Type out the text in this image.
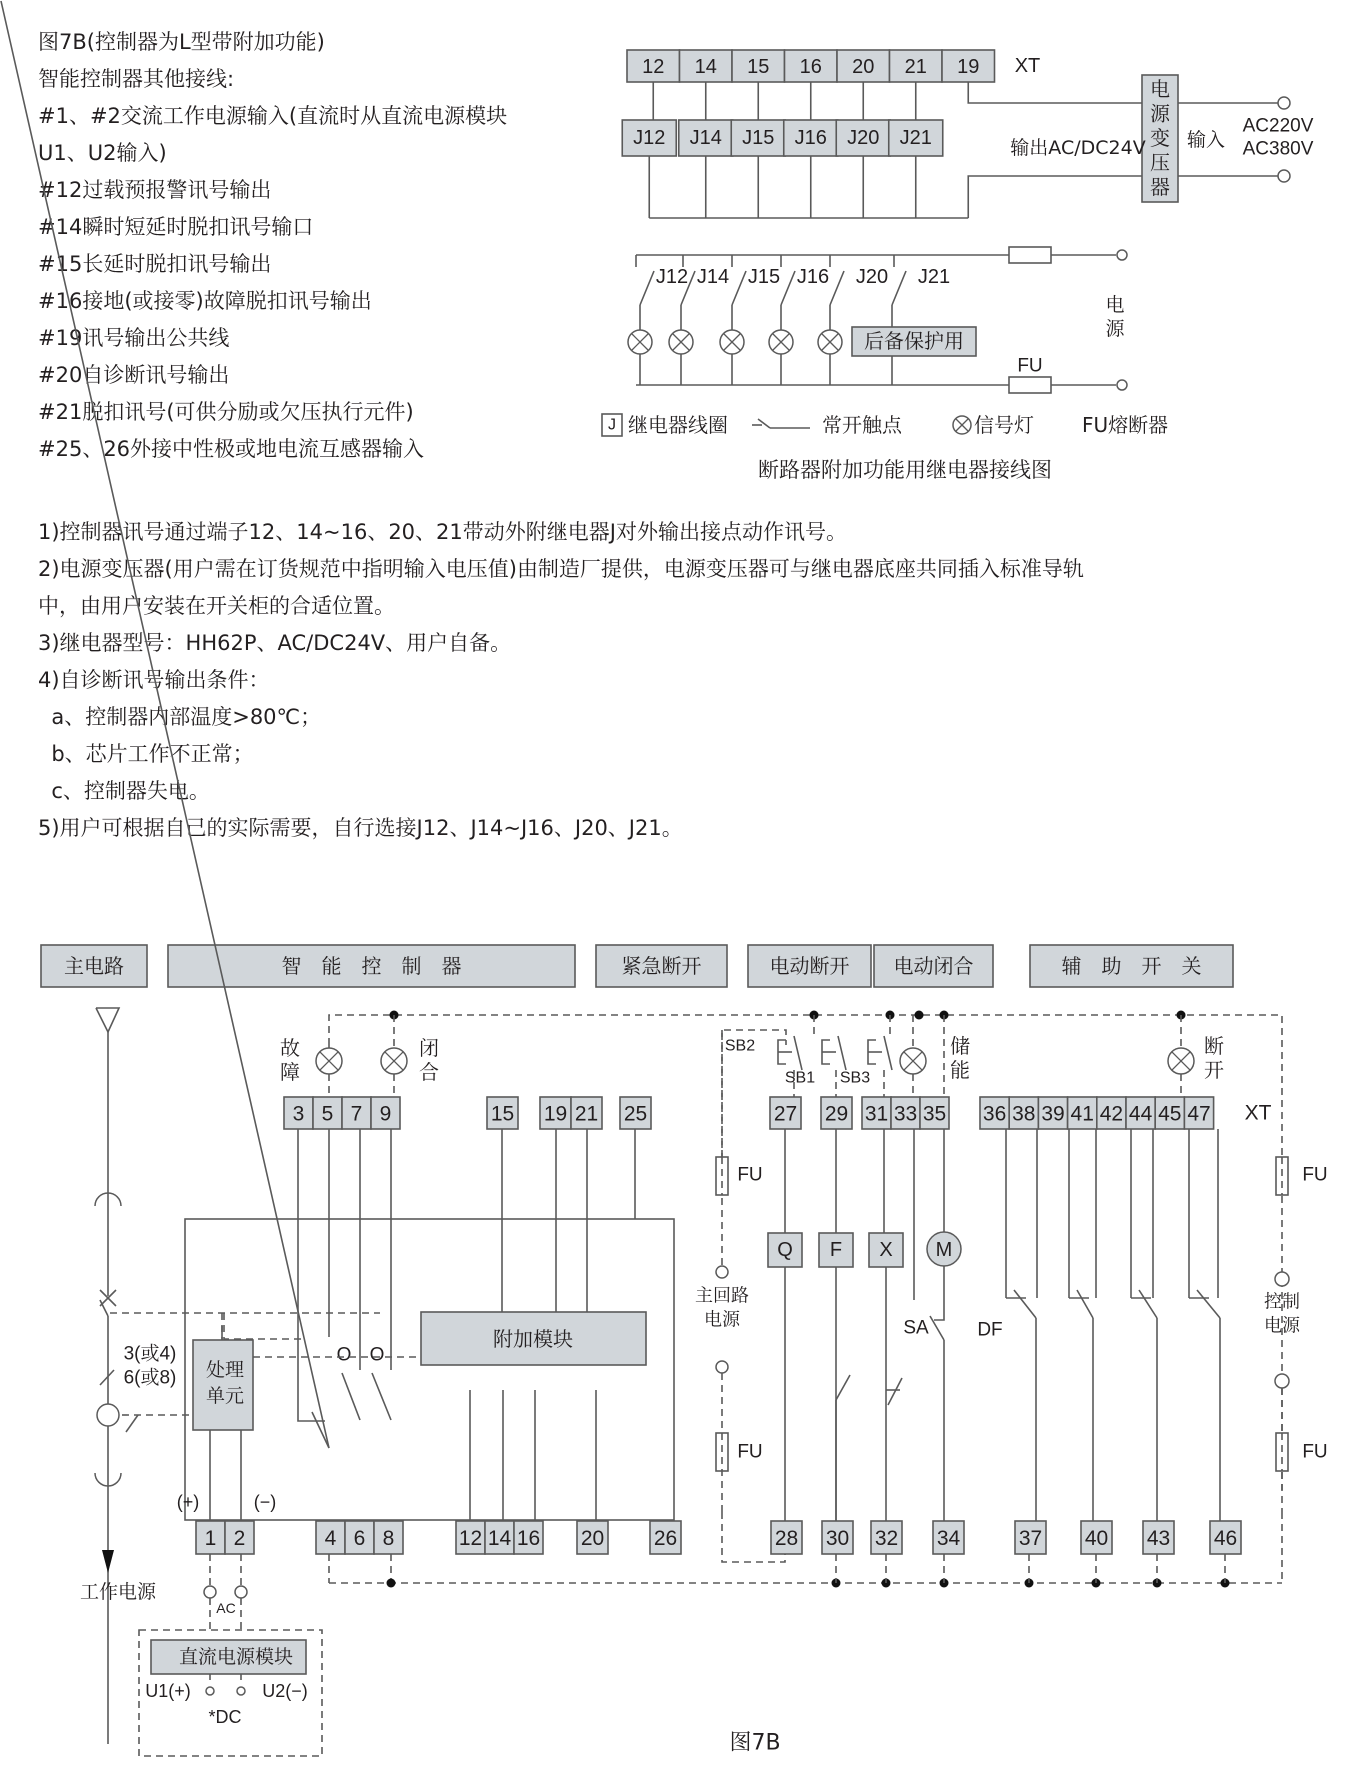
图7B(控制器为L型带附加功能)
智能控制器其他接线:
#1、#2交流工作电源输入(直流时从直流电源模块
U1、U2输入)
#12过载预报警讯号输出
#14瞬时短延时脱扣讯号输口
#15长延时脱扣讯号输出
#16接地(或接零)故障脱扣讯号输出
#19讯号输出公共线
#20自诊断讯号输出
#21脱扣讯号(可供分励或欠压执行元件)
#25、26外接中性极或地电流互感器输入
1)控制器讯号通过端子12、14~16、20、21带动外附继电器J对外输出接点动作讯号。
2)电源变压器(用户需在订货规范中指明输入电压值)由制造厂提供，电源变压器可与继电器底座共同插入标准导轨
中，由用户安装在开关柜的合适位置。
3)继电器型号：HH62P、AC/DC24V、用户自备。
4)自诊断讯号输出条件：
a、控制器内部温度>80℃；
b、芯片工作不正常；
c、控制器失电。
5)用户可根据自己的实际需要，自行选接J12、J14~J16、J20、J21。
12 14 15 16 20 21 19 XT
J12 J14 J15 J16 J20 J21
电
源
变
压
器
输出AC/DC24V 输入
AC220V
AC380V
J12 J14 J15 J16 J20 J21
后备保护用
FU
电
源
J 继电器线圈	常开触点	信号灯 FU熔断器
断路器附加功能用继电器接线图
主电路	智　能　控　制　器	紧急断开	电动断开 电动闭合	辅　助　开　关
3 5 7 9	15 19 21 25	27 29 31 33 35 36 38 39 41 42 44 45 47 XT
故
障
闭
合
储
能
断
开
SB2
SB1 SB3
O O
附加模块
处理
单元
3(或4)
6(或8)
工作电源
(+)	(−)
1 2	4 6 8	12 14 16 20 26	28 30 32 34	37 40 43 46
Q F X M
SA	DF
FU
主回路
电源
FU
FU
控制
电源
FU
AC
直流电源模块
U1(+)	U2(−)
*DC
图7B
